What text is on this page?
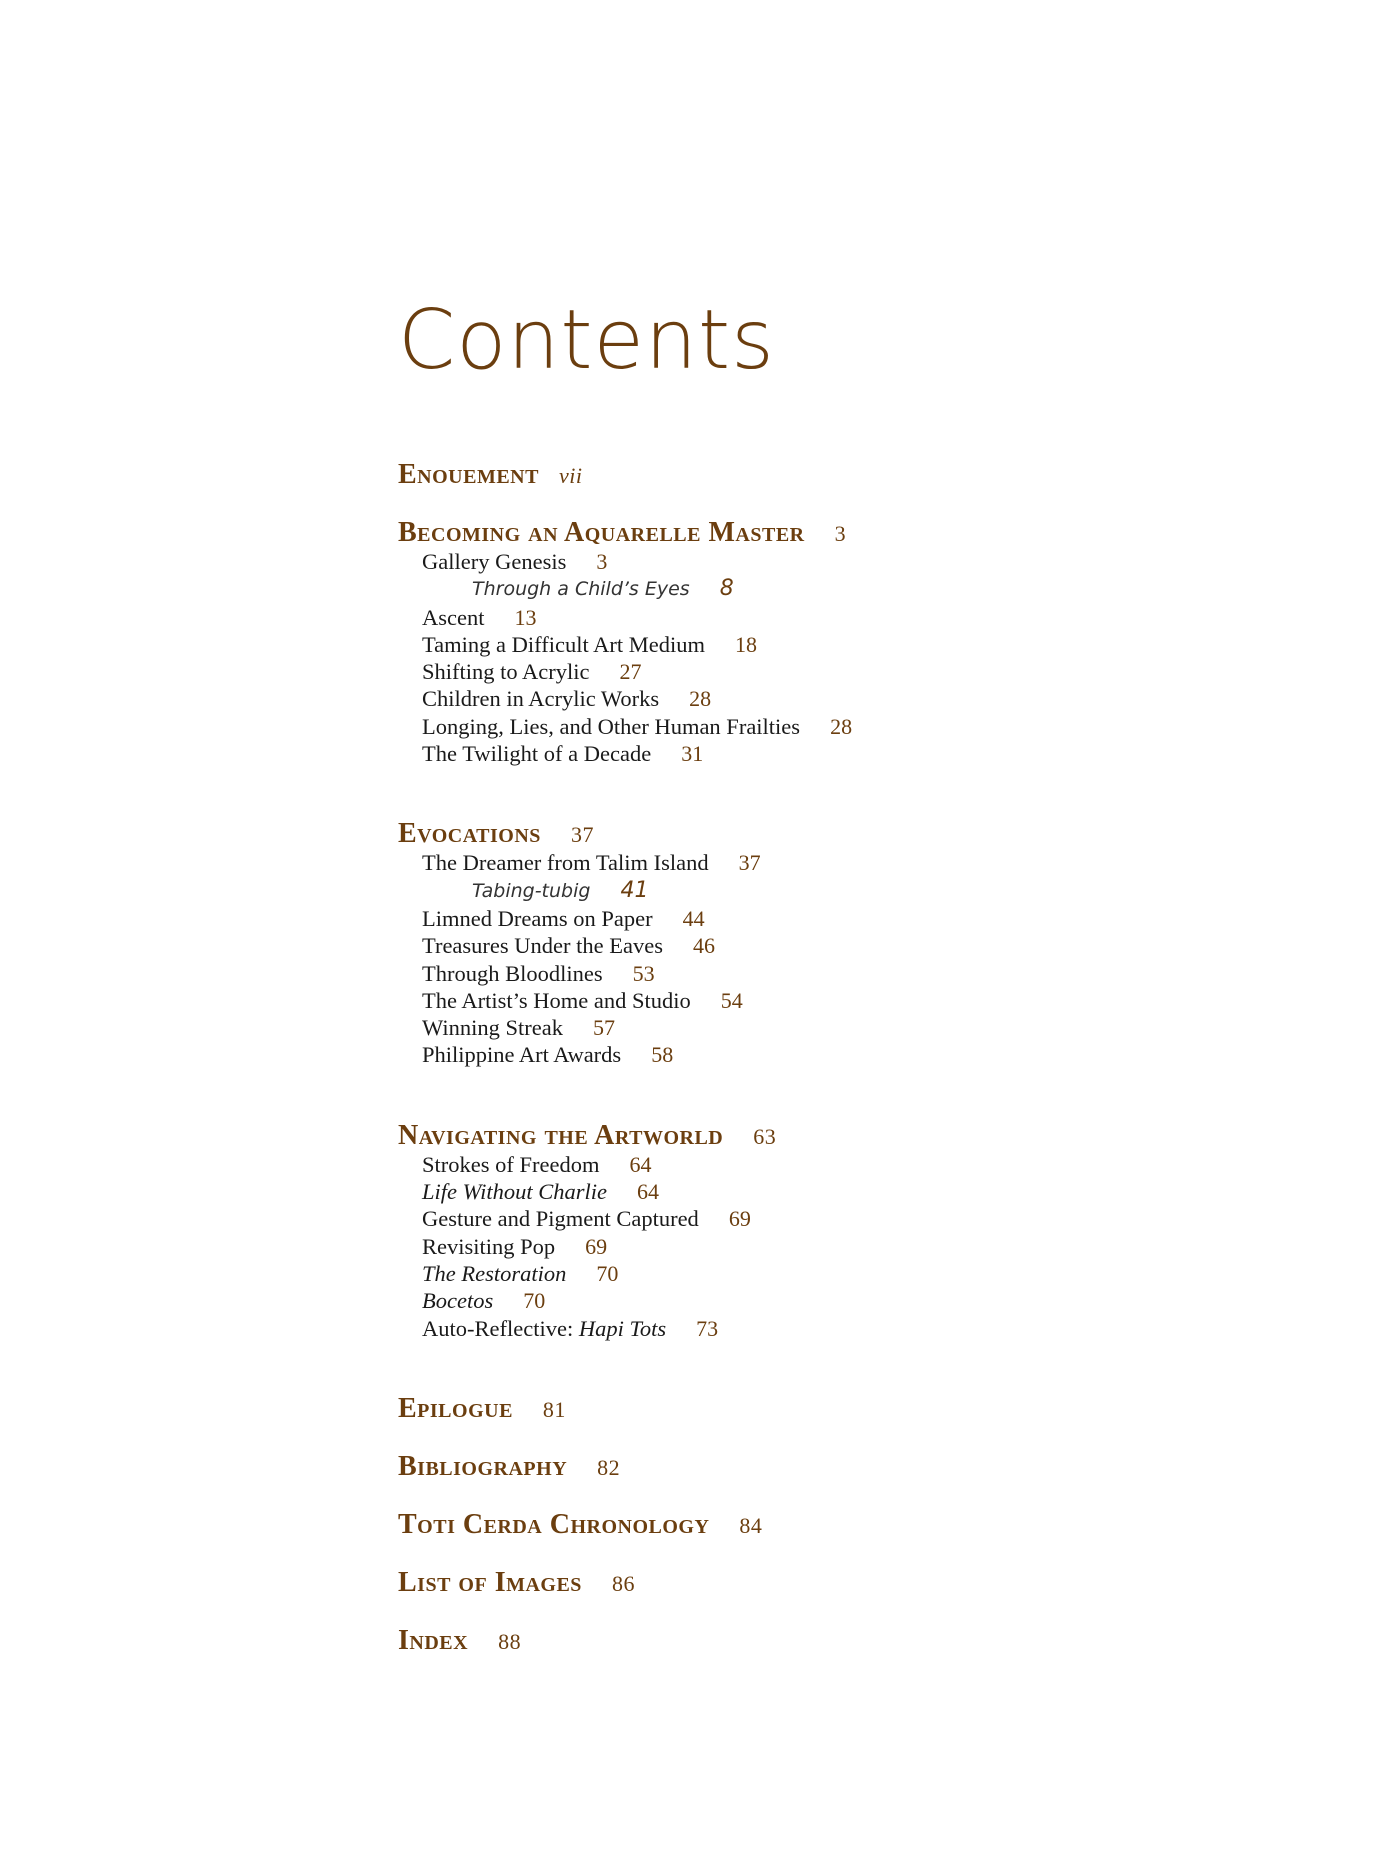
Contents
Enouement vii
Becoming an Aquarelle Master 3
Gallery Genesis 3
Through a Child’s Eyes 8
Ascent 13
Taming a Difficult Art Medium 18
Shifting to Acrylic 27
Children in Acrylic Works 28
Longing, Lies, and Other Human Frailties 28
The Twilight of a Decade 31
Evocations 37
The Dreamer from Talim Island 37
Tabing-tubig 41
Limned Dreams on Paper 44
Treasures Under the Eaves 46
Through Bloodlines 53
The Artist’s Home and Studio 54
Winning Streak 57
Philippine Art Awards 58
Navigating the Artworld 63
Strokes of Freedom 64
Life Without Charlie 64
Gesture and Pigment Captured 69
Revisiting Pop 69
The Restoration 70
Bocetos 70
Auto-Reflective: Hapi Tots 73
Epilogue 81
Bibliography 82
Toti Cerda Chronology 84
List of Images 86
Index 88
